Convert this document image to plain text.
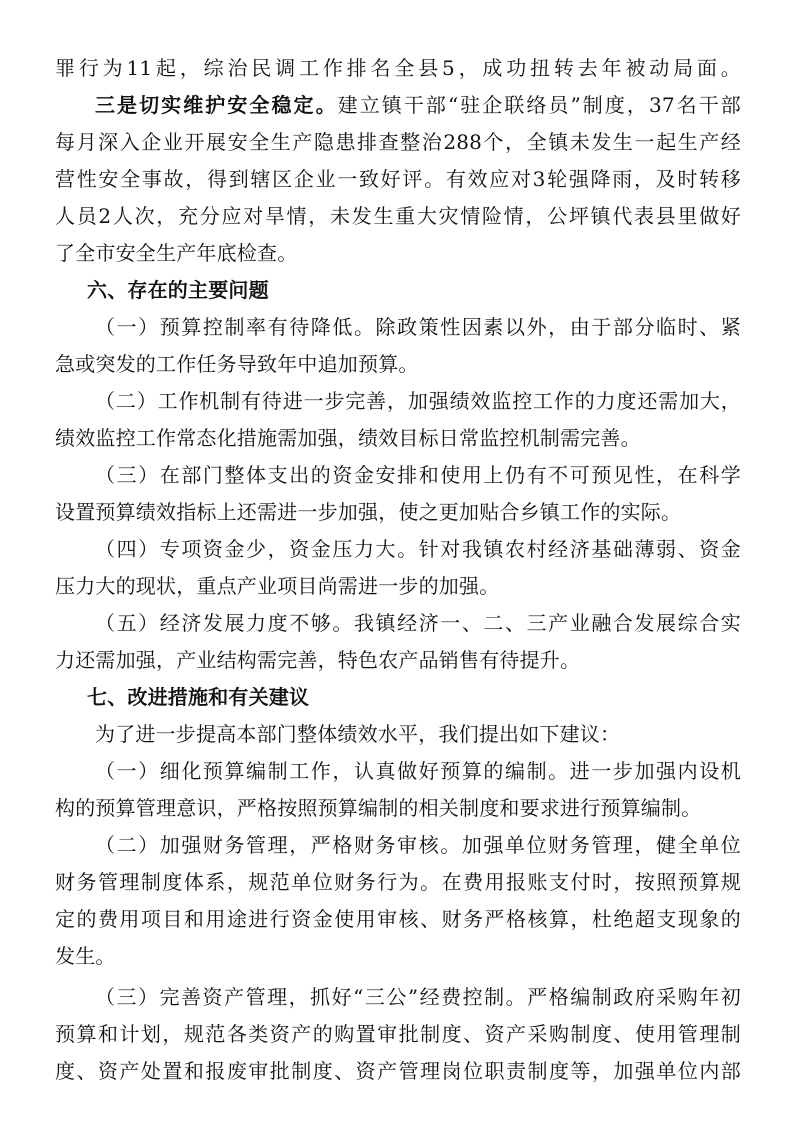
罪行为11起，综治民调工作排名全县5，成功扭转去年被动局面。
三是切实维护安全稳定。建立镇干部“驻企联络员”制度，37名干部
每月深入企业开展安全生产隐患排查整治288个，全镇未发生一起生产经
营性安全事故，得到辖区企业一致好评。有效应对3轮强降雨，及时转移
人员2人次，充分应对旱情，未发生重大灾情险情，公坪镇代表县里做好
了全市安全生产年底检查。
六、存在的主要问题
（一）预算控制率有待降低。除政策性因素以外，由于部分临时、紧
急或突发的工作任务导致年中追加预算。
（二）工作机制有待进一步完善，加强绩效监控工作的力度还需加大，
绩效监控工作常态化措施需加强，绩效目标日常监控机制需完善。
（三）在部门整体支出的资金安排和使用上仍有不可预见性，在科学
设置预算绩效指标上还需进一步加强，使之更加贴合乡镇工作的实际。
（四）专项资金少，资金压力大。针对我镇农村经济基础薄弱、资金
压力大的现状，重点产业项目尚需进一步的加强。
（五）经济发展力度不够。我镇经济一、二、三产业融合发展综合实
力还需加强，产业结构需完善，特色农产品销售有待提升。
七、改进措施和有关建议
为了进一步提高本部门整体绩效水平，我们提出如下建议：
（一）细化预算编制工作，认真做好预算的编制。进一步加强内设机
构的预算管理意识，严格按照预算编制的相关制度和要求进行预算编制。
（二）加强财务管理，严格财务审核。加强单位财务管理，健全单位
财务管理制度体系，规范单位财务行为。在费用报账支付时，按照预算规
定的费用项目和用途进行资金使用审核、财务严格核算，杜绝超支现象的
发生。
（三）完善资产管理，抓好“三公”经费控制。严格编制政府采购年初
预算和计划，规范各类资产的购置审批制度、资产采购制度、使用管理制
度、资产处置和报废审批制度、资产管理岗位职责制度等，加强单位内部
